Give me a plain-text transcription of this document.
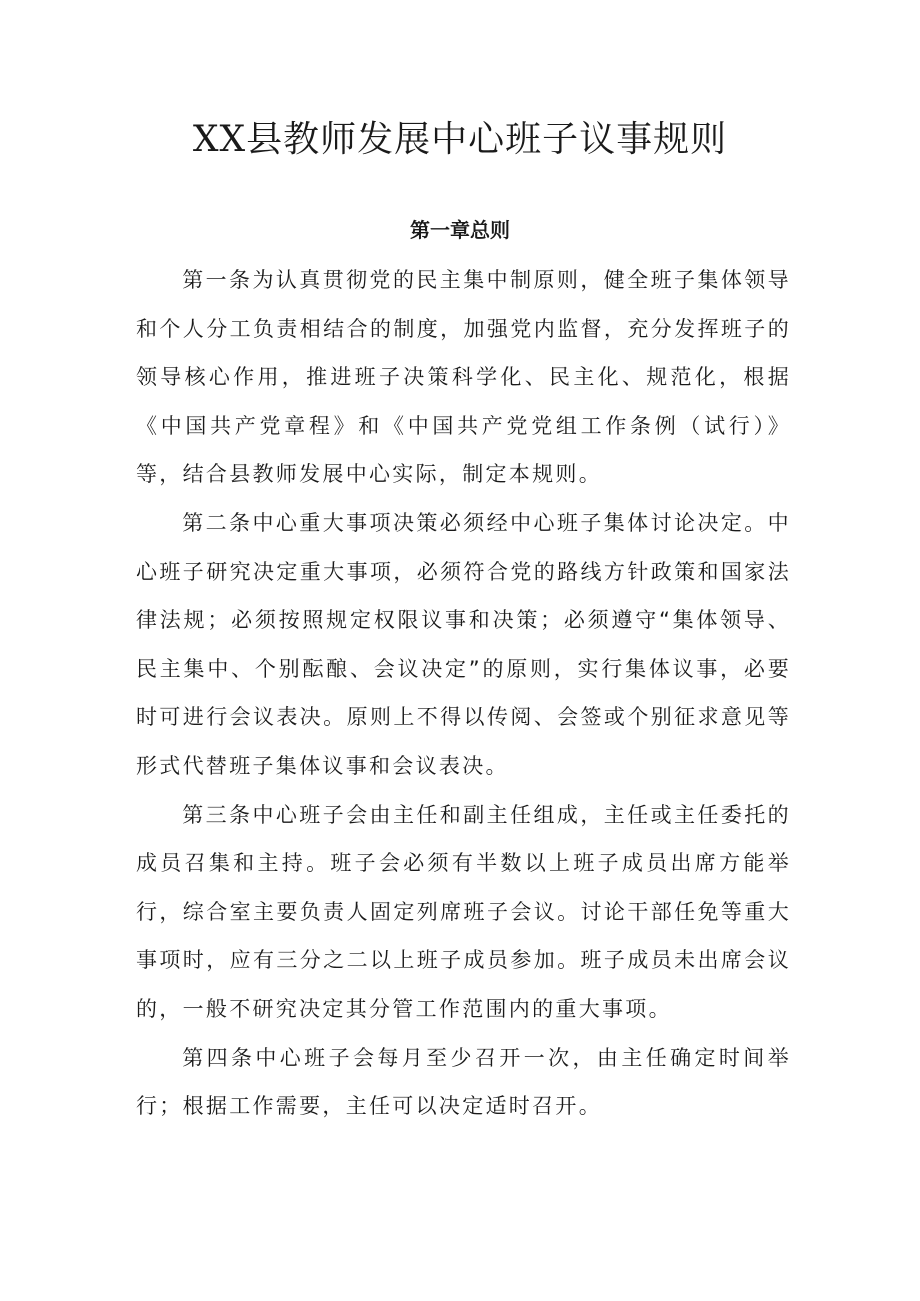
XX县教师发展中心班子议事规则
第一章总则

第一条为认真贯彻党的民主集中制原则，健全班子集体领导和个人分工负责相结合的制度，加强党内监督，充分发挥班子的领导核心作用，推进班子决策科学化、民主化、规范化，根据《中国共产党章程》和《中国共产党党组工作条例（试行）》等，结合县教师发展中心实际，制定本规则。

第二条中心重大事项决策必须经中心班子集体讨论决定。中心班子研究决定重大事项，必须符合党的路线方针政策和国家法律法规；必须按照规定权限议事和决策；必须遵守“集体领导、民主集中、个别酝酿、会议决定”的原则，实行集体议事，必要时可进行会议表决。原则上不得以传阅、会签或个别征求意见等形式代替班子集体议事和会议表决。

第三条中心班子会由主任和副主任组成，主任或主任委托的成员召集和主持。班子会必须有半数以上班子成员出席方能举行，综合室主要负责人固定列席班子会议。讨论干部任免等重大事项时，应有三分之二以上班子成员参加。班子成员未出席会议的，一般不研究决定其分管工作范围内的重大事项。

第四条中心班子会每月至少召开一次，由主任确定时间举行；根据工作需要，主任可以决定适时召开。
